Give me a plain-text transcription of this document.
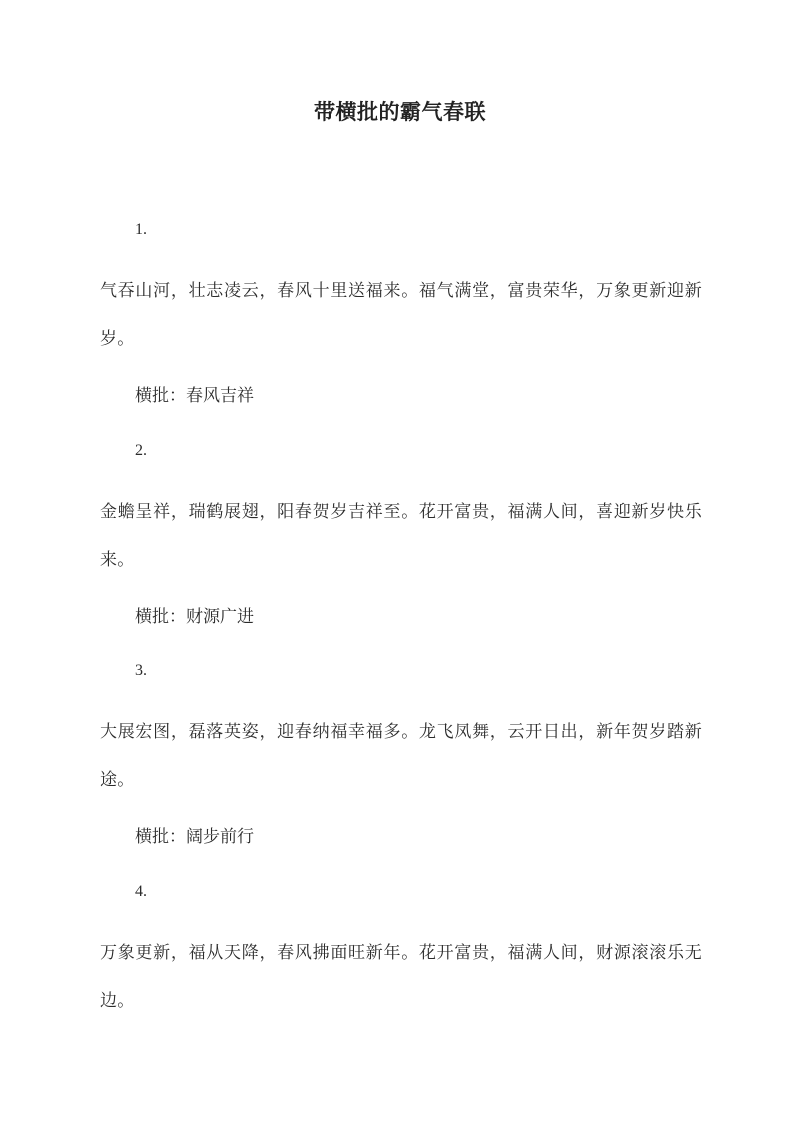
带横批的霸气春联
1.
气吞山河，壮志凌云，春风十里送福来。福气满堂，富贵荣华，万象更新迎新岁。
横批：春风吉祥
2.
金蟾呈祥，瑞鹤展翅，阳春贺岁吉祥至。花开富贵，福满人间，喜迎新岁快乐来。
横批：财源广进
3.
大展宏图，磊落英姿，迎春纳福幸福多。龙飞凤舞，云开日出，新年贺岁踏新途。
横批：阔步前行
4.
万象更新，福从天降，春风拂面旺新年。花开富贵，福满人间，财源滚滚乐无边。
